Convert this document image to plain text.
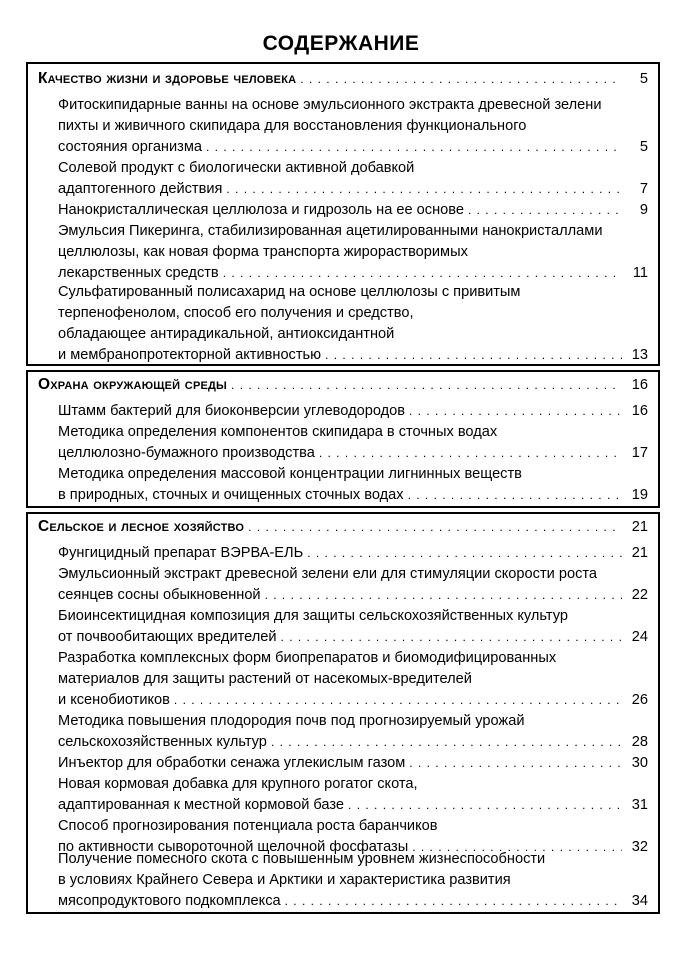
СОДЕРЖАНИЕ
Качество жизни и здоровье человека . . .	5
Фитоскипидарные ванны на основе эмульсионного экстракта древесной зелени
пихты и живичного скипидара для восстановления функционального
состояния организма . . .	5
Солевой продукт с биологически активной добавкой
адаптогенного действия . . .	7
Нанокристаллическая целлюлоза и гидрозоль на ее основе . . .	9
Эмульсия Пикеринга, стабилизированная ацетилированными нанокристаллами
целлюлозы, как новая форма транспорта жирорастворимых
лекарственных средств . . .	11
Сульфатированный полисахарид на основе целлюлозы с привитым
терпенофенолом, способ его получения и средство,
обладающее антирадикальной, антиоксидантной
и мембранопротекторной активностью . . .	13
Охрана окружающей среды . . .	16
Штамм бактерий для биоконверсии углеводородов . . .	16
Методика определения компонентов скипидара в сточных водах
целлюлозно-бумажного производства . . .	17
Методика определения массовой концентрации лигнинных веществ
в природных, сточных и очищенных сточных водах . . .	19
Сельское и лесное хозяйство . . .	21
Фунгицидный препарат ВЭРВА-ЕЛЬ . . .	21
Эмульсионный экстракт древесной зелени ели для стимуляции скорости роста
сеянцев сосны обыкновенной . . .	22
Биоинсектицидная композиция для защиты сельскохозяйственных культур
от почвообитающих вредителей . . .	24
Разработка комплексных форм биопрепаратов и биомодифицированных
материалов для защиты растений от насекомых-вредителей
и ксенобиотиков . . .	26
Методика повышения плодородия почв под прогнозируемый урожай
сельскохозяйственных культур . . .	28
Инъектор для обработки сенажа углекислым газом . . .	30
Новая кормовая добавка для крупного рогатог скота,
адаптированная к местной кормовой базе . . .	31
Способ прогнозирования потенциала роста баранчиков
по активности сывороточной щелочной фосфатазы . . .	32
Получение помесного скота с повышенным уровнем жизнеспособности
в условиях Крайнего Севера и Арктики и характеристика развития
мясопродуктового подкомплекса . . .	34
